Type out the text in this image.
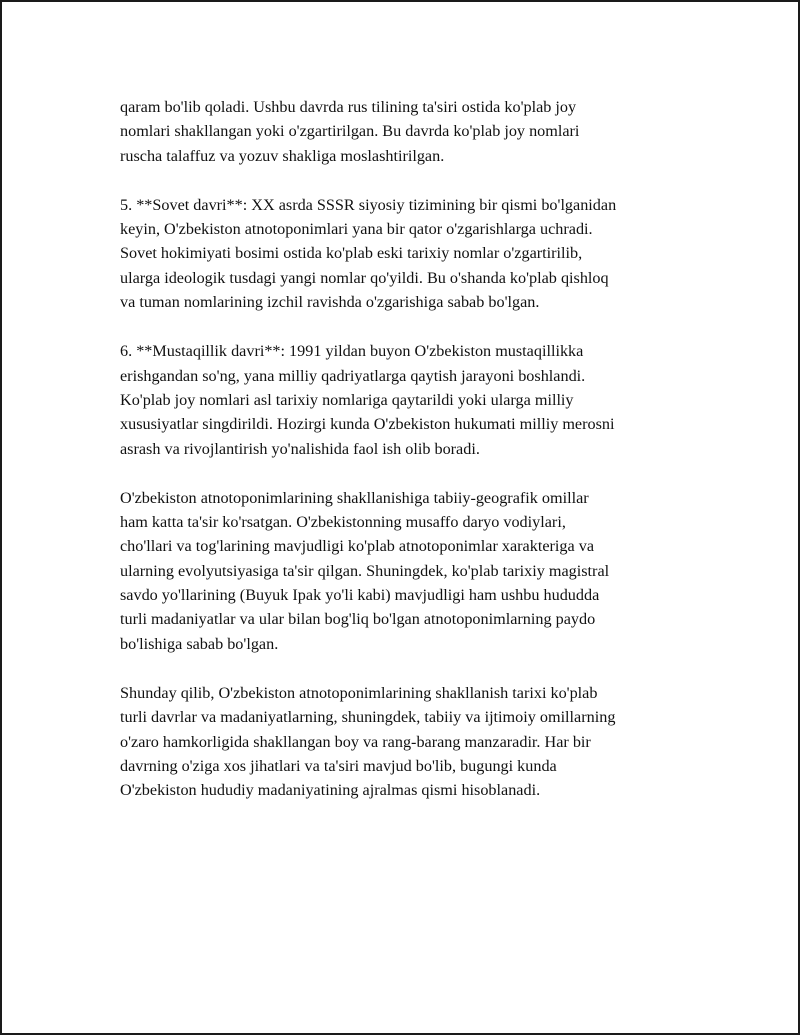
qaram bo'lib qoladi. Ushbu davrda rus tilining ta'siri ostida ko'plab joy
nomlari shakllangan yoki o'zgartirilgan. Bu davrda ko'plab joy nomlari
ruscha talaffuz va yozuv shakliga moslashtirilgan.

5. **Sovet davri**: XX asrda SSSR siyosiy tizimining bir qismi bo'lganidan
keyin, O'zbekiston atnotoponimlari yana bir qator o'zgarishlarga uchradi.
Sovet hokimiyati bosimi ostida ko'plab eski tarixiy nomlar o'zgartirilib,
ularga ideologik tusdagi yangi nomlar qo'yildi. Bu o'shanda ko'plab qishloq
va tuman nomlarining izchil ravishda o'zgarishiga sabab bo'lgan.

6. **Mustaqillik davri**: 1991 yildan buyon O'zbekiston mustaqillikka
erishgandan so'ng, yana milliy qadriyatlarga qaytish jarayoni boshlandi.
Ko'plab joy nomlari asl tarixiy nomlariga qaytarildi yoki ularga milliy
xususiyatlar singdirildi. Hozirgi kunda O'zbekiston hukumati milliy merosni
asrash va rivojlantirish yo'nalishida faol ish olib boradi.

O'zbekiston atnotoponimlarining shakllanishiga tabiiy-geografik omillar
ham katta ta'sir ko'rsatgan. O'zbekistonning musaffo daryo vodiylari,
cho'llari va tog'larining mavjudligi ko'plab atnotoponimlar xarakteriga va
ularning evolyutsiyasiga ta'sir qilgan. Shuningdek, ko'plab tarixiy magistral
savdo yo'llarining (Buyuk Ipak yo'li kabi) mavjudligi ham ushbu hududda
turli madaniyatlar va ular bilan bog'liq bo'lgan atnotoponimlarning paydo
bo'lishiga sabab bo'lgan.

Shunday qilib, O'zbekiston atnotoponimlarining shakllanish tarixi ko'plab
turli davrlar va madaniyatlarning, shuningdek, tabiiy va ijtimoiy omillarning
o'zaro hamkorligida shakllangan boy va rang-barang manzaradir. Har bir
davrning o'ziga xos jihatlari va ta'siri mavjud bo'lib, bugungi kunda
O'zbekiston hududiy madaniyatining ajralmas qismi hisoblanadi.
